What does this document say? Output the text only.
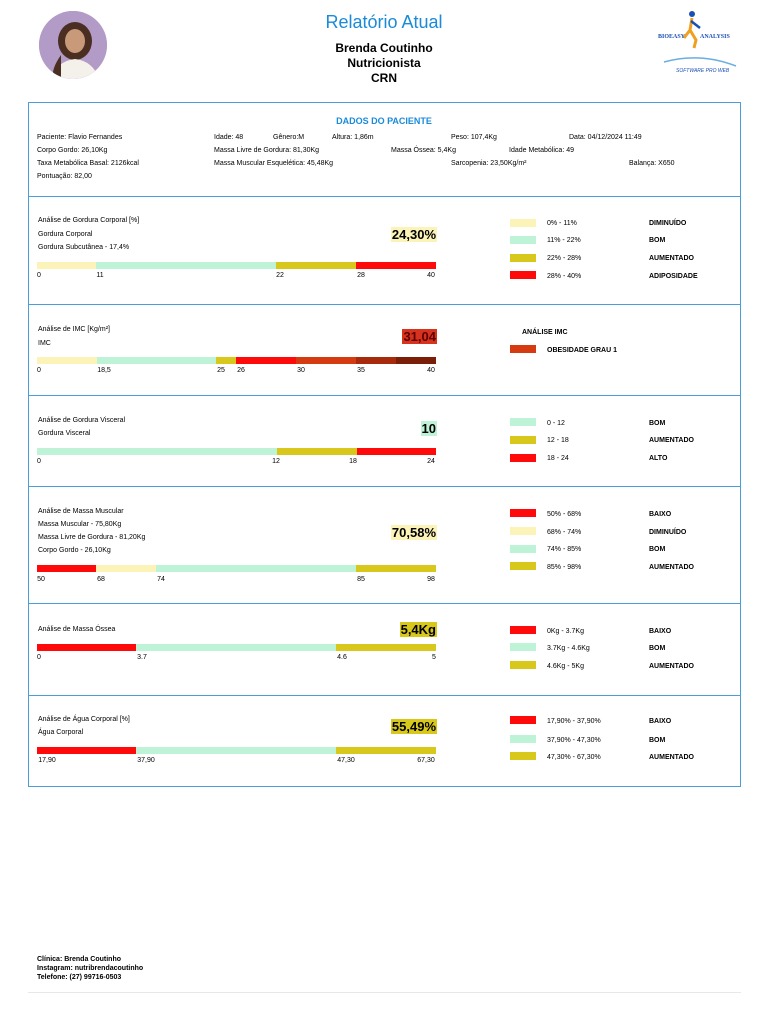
Relatório Atual
Brenda Coutinho
Nutricionista
CRN
BIOEASY ANALYSIS
SOFTWARE PRO WEB
DADOS DO PACIENTE
Paciente: Flavio Fernandes	Idade: 48	Gênero:M	Altura: 1,86m	Peso: 107,4Kg	Data: 04/12/2024 11:49
Corpo Gordo: 26,10Kg	Massa Livre de Gordura: 81,30Kg	Massa Óssea: 5,4Kg	Idade Metabólica: 49
Taxa Metabólica Basal: 2126kcal	Massa Muscular Esquelética: 45,48Kg	Sarcopenia: 23,50Kg/m²	Balança: X650
Pontuação: 82,00
Análise de Gordura Corporal [%]
Gordura Corporal
Gordura Subcutânea - 17,4%
24,30%
0	11	22	28	40
0% - 11%	DIMINUÍDO
11% - 22%	BOM
22% - 28%	AUMENTADO
28% - 40%	ADIPOSIDADE
Análise de IMC [Kg/m²]
IMC	31,04
0	18,5	25 26	30	35	40
ANÁLISE IMC
OBESIDADE GRAU 1
Análise de Gordura Visceral
Gordura Visceral	10
0	12	18	24
0 - 12	BOM
12 - 18	AUMENTADO
18 - 24	ALTO
Análise de Massa Muscular
Massa Muscular - 75,80Kg
Massa Livre de Gordura - 81,20Kg
Corpo Gordo - 26,10Kg
70,58%
50	68	74	85	98
50% - 68%	BAIXO
68% - 74%	DIMINUÍDO
74% - 85%	BOM
85% - 98%	AUMENTADO
Análise de Massa Óssea	5,4Kg
0	3.7	4.6	5
0Kg - 3.7Kg	BAIXO
3.7Kg - 4.6Kg	BOM
4.6Kg - 5Kg	AUMENTADO
Análise de Água Corporal [%]
Água Corporal	55,49%
17,90	37,90	47,30	67,30
17,90% - 37,90%	BAIXO
37,90% - 47,30%	BOM
47,30% - 67,30%	AUMENTADO
Clínica: Brenda Coutinho
Instagram: nutribrendacoutinho
Telefone: (27) 99716-0503
